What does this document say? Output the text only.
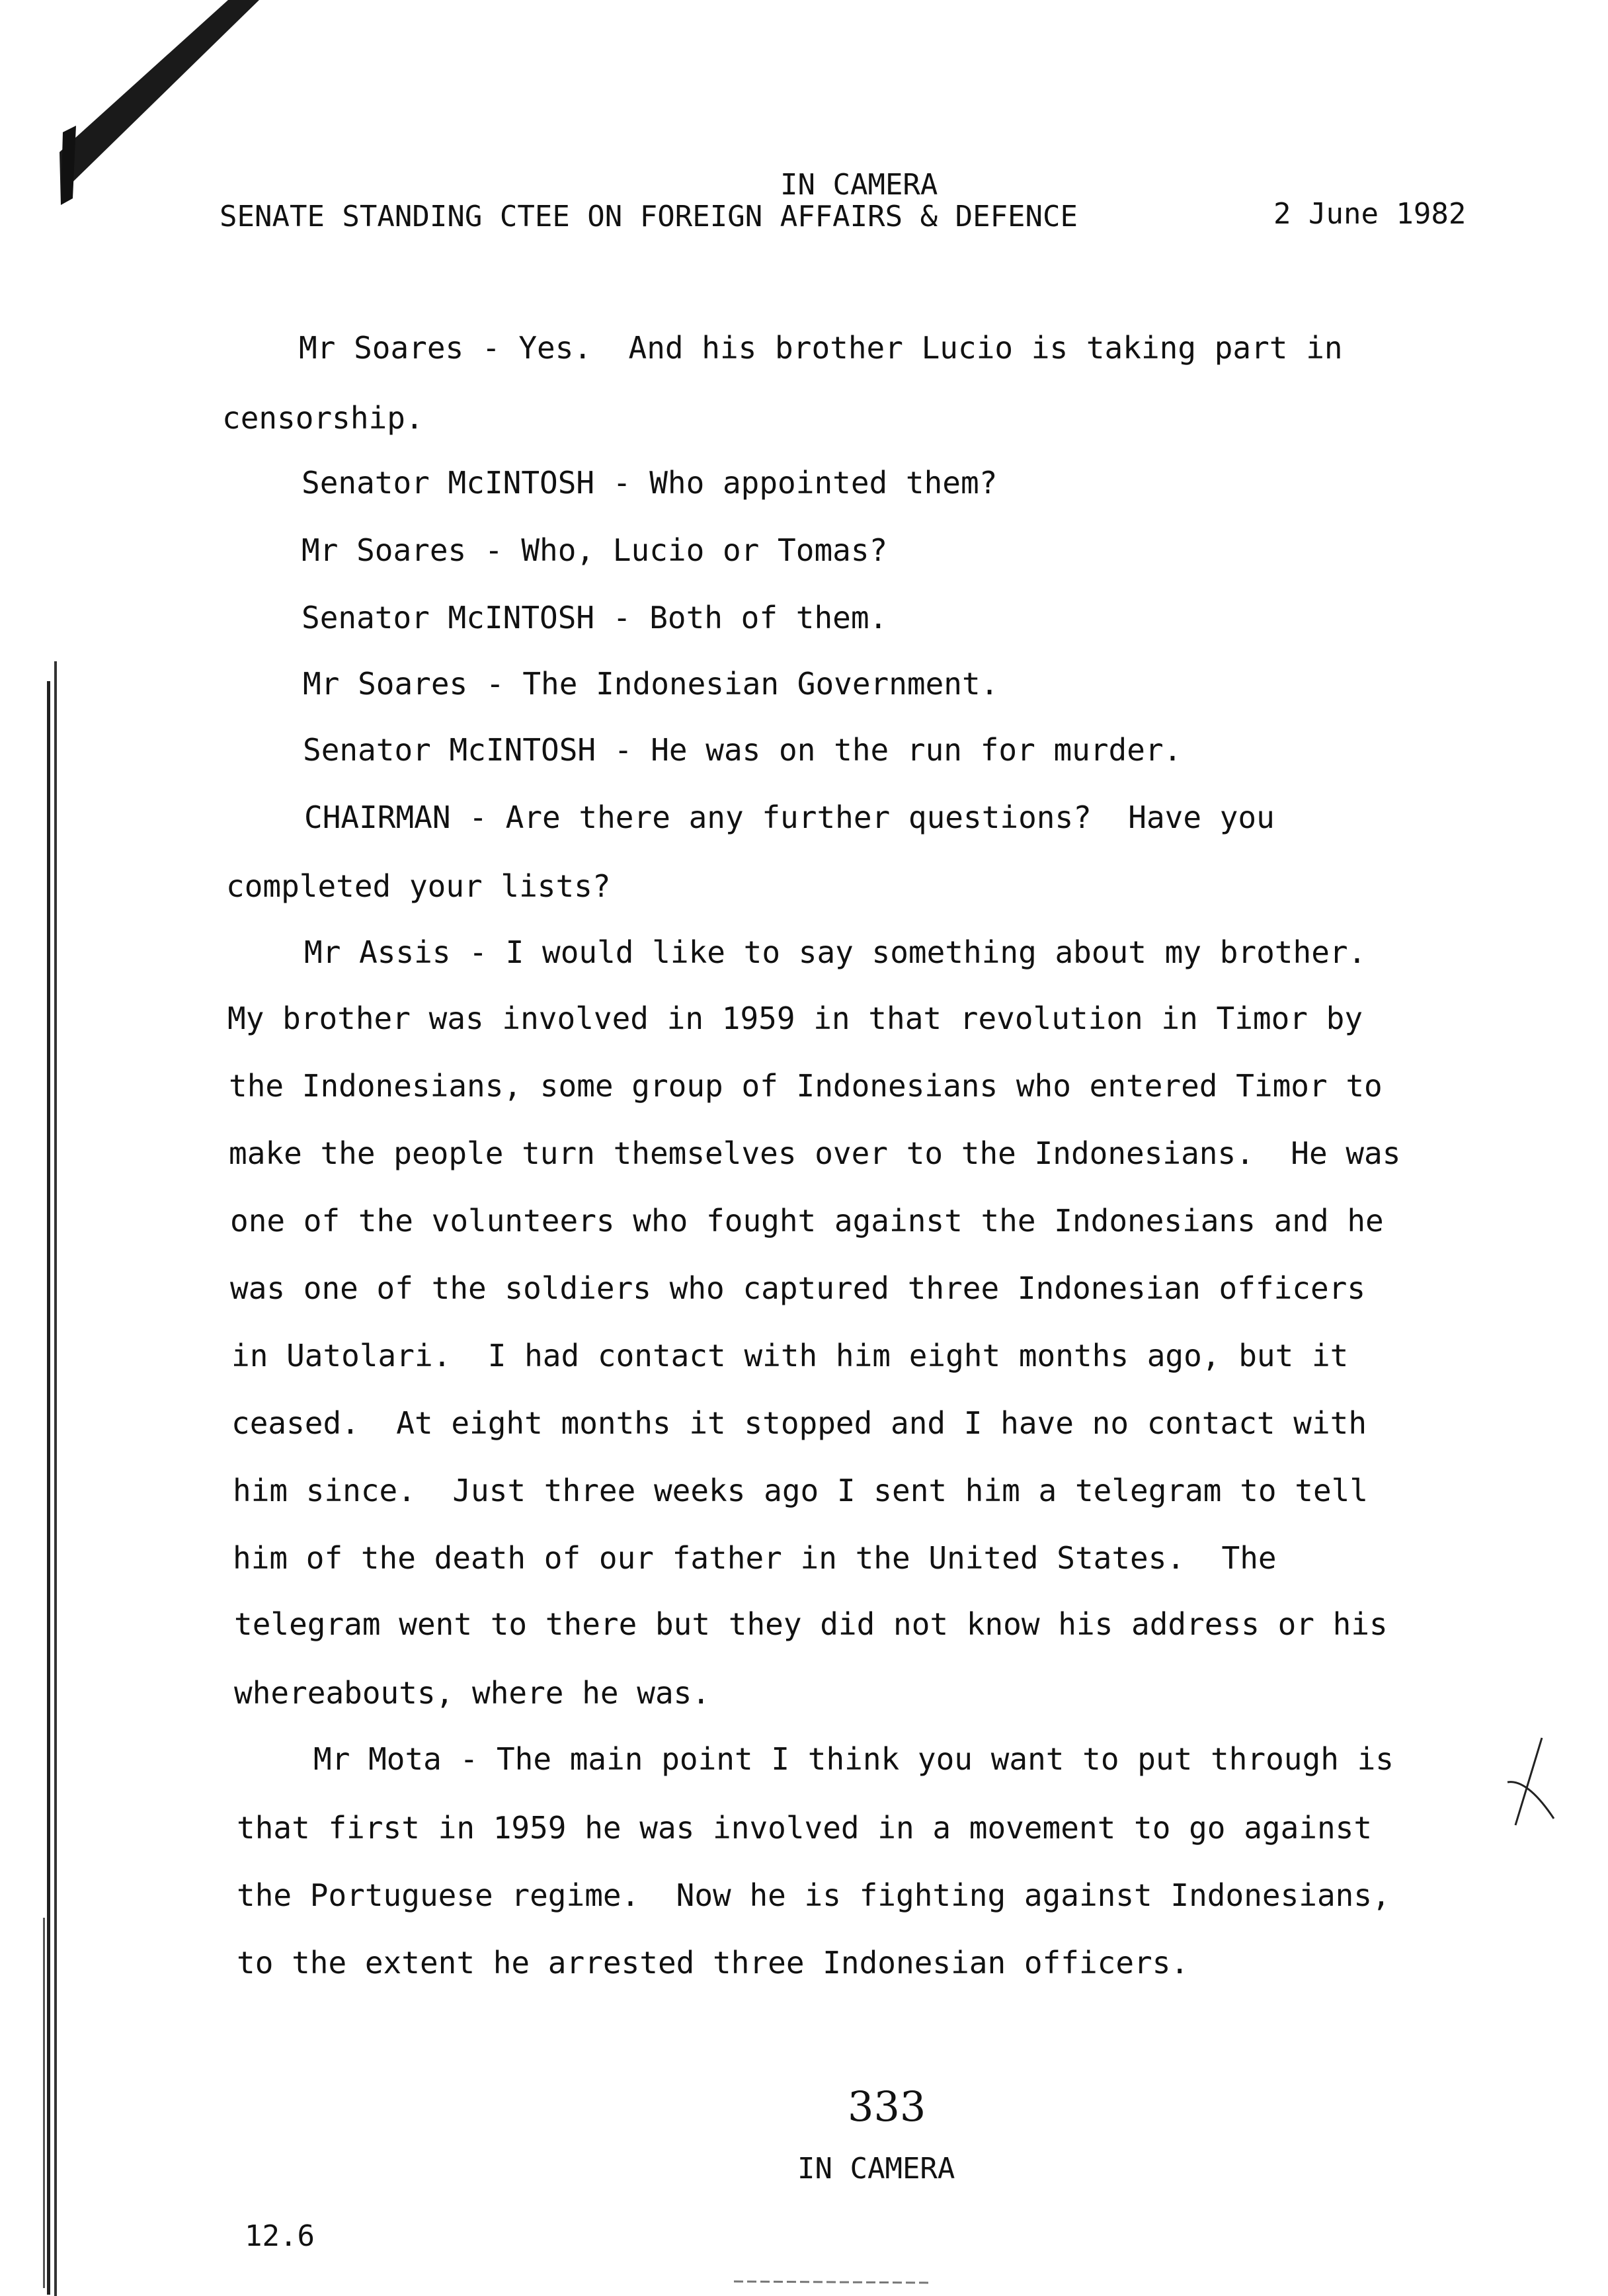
IN CAMERA
SENATE STANDING CTEE ON FOREIGN AFFAIRS & DEFENCE	2 June 1982
Mr Soares - Yes.  And his brother Lucio is taking part in
censorship.
Senator McINTOSH - Who appointed them?
Mr Soares - Who, Lucio or Tomas?
Senator McINTOSH - Both of them.
Mr Soares - The Indonesian Government.
Senator McINTOSH - He was on the run for murder.
CHAIRMAN - Are there any further questions?  Have you
completed your lists?
Mr Assis - I would like to say something about my brother.
My brother was involved in 1959 in that revolution in Timor by
the Indonesians, some group of Indonesians who entered Timor to
make the people turn themselves over to the Indonesians.  He was
one of the volunteers who fought against the Indonesians and he
was one of the soldiers who captured three Indonesian officers
in Uatolari.  I had contact with him eight months ago, but it
ceased.  At eight months it stopped and I have no contact with
him since.  Just three weeks ago I sent him a telegram to tell
him of the death of our father in the United States.  The
telegram went to there but they did not know his address or his
whereabouts, where he was.
Mr Mota - The main point I think you want to put through is
that first in 1959 he was involved in a movement to go against
the Portuguese regime.  Now he is fighting against Indonesians,
to the extent he arrested three Indonesian officers.
333
IN CAMERA
12.6
